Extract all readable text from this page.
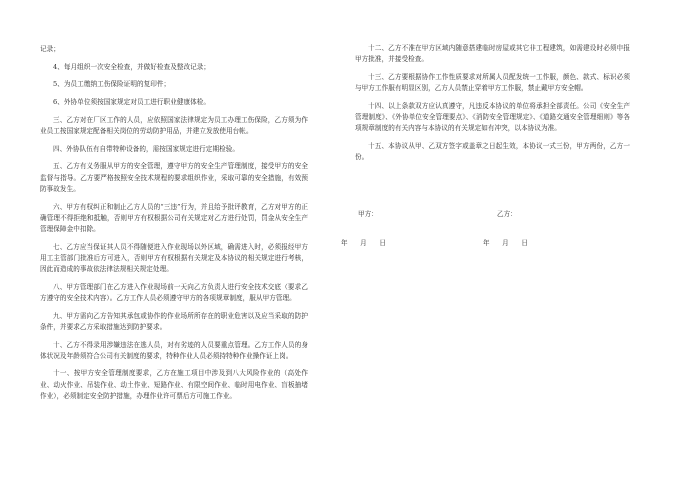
记录；

4、每月组织一次安全检查，并做好检查及整改记录；

5、为员工缴纳工伤保险证明的复印件；

6、外协单位须按国家规定对员工进行职业健康体检。

三、乙方对在厂区工作的人员，应依照国家法律规定为员工办理工伤保险，乙方须为作业员工按国家规定配备相关岗位的劳动防护用品，并建立发放使用台帐。

四、外协队伍有自带特种设备的，需按国家规定进行定期检验。

五、乙方有义务服从甲方的安全管理，遵守甲方的安全生产管理制度，接受甲方的安全监督与指导。乙方要严格按照安全技术规程的要求组织作业，采取可靠的安全措施，有效预防事故发生。

六、甲方有权纠正和制止乙方人员的“三违”行为，并且给予批评教育，乙方对甲方的正确管理不得拒绝和抵触，否则甲方有权根据公司有关规定对乙方进行处罚，罚金从安全生产管理保障金中扣除。

七、乙方应当保证其人员不得随便进入作业现场以外区域，确需进入时，必须报经甲方用工主管部门批准后方可进入，否则甲方有权根据有关规定及本协议的相关规定进行考核，因此而造成的事故依法律法规相关规定处理。

八、甲方管理部门在乙方进入作业现场前一天向乙方负责人进行安全技术交底（要求乙方遵守的安全技术内容）。乙方工作人员必须遵守甲方的各项规章制度，服从甲方管理。

九、甲方需向乙方告知其承包或协作的作业场所所存在的职业危害以及应当采取的防护条件，并要求乙方采取措施达到防护要求。

十、乙方不得录用涉嫌违法在逃人员，对有劣迹的人员要重点管理。乙方工作人员的身体状况及年龄须符合公司有关制度的要求，特种作业人员必须持特种作业操作证上岗。

十一、按甲方安全管理制度要求，乙方在施工项目中涉及到八大风险作业的（高处作业、动火作业、吊装作业、动土作业、短路作业、有限空间作业、临时用电作业、盲板抽堵作业），必须制定安全防护措施，办理作业许可票后方可施工作业。

十二、乙方不准在甲方区域内随意搭建临时房屋或其它非工程建筑，如需建设时必须申报甲方批准，并接受检查。

十三、乙方要根据协作工作性质要求对所属人员配发统一工作服，颜色、款式、标识必须与甲方工作服有明显区别，乙方人员禁止穿着甲方工作服，禁止戴甲方安全帽。

十四、以上条款双方应认真遵守，凡违反本协议的单位将承担全部责任。公司《安全生产管理制度》、《外协单位安全管理要点》、《消防安全管理规定》、《道路交通安全管理细则》等各项规章制度的有关内容与本协议的有关规定如有冲突，以本协议为准。

十五、本协议从甲、乙双方签字或盖章之日起生效，本协议一式三份，甲方两份，乙方一份。

甲方：	乙方：
年      月      日	年      月      日
